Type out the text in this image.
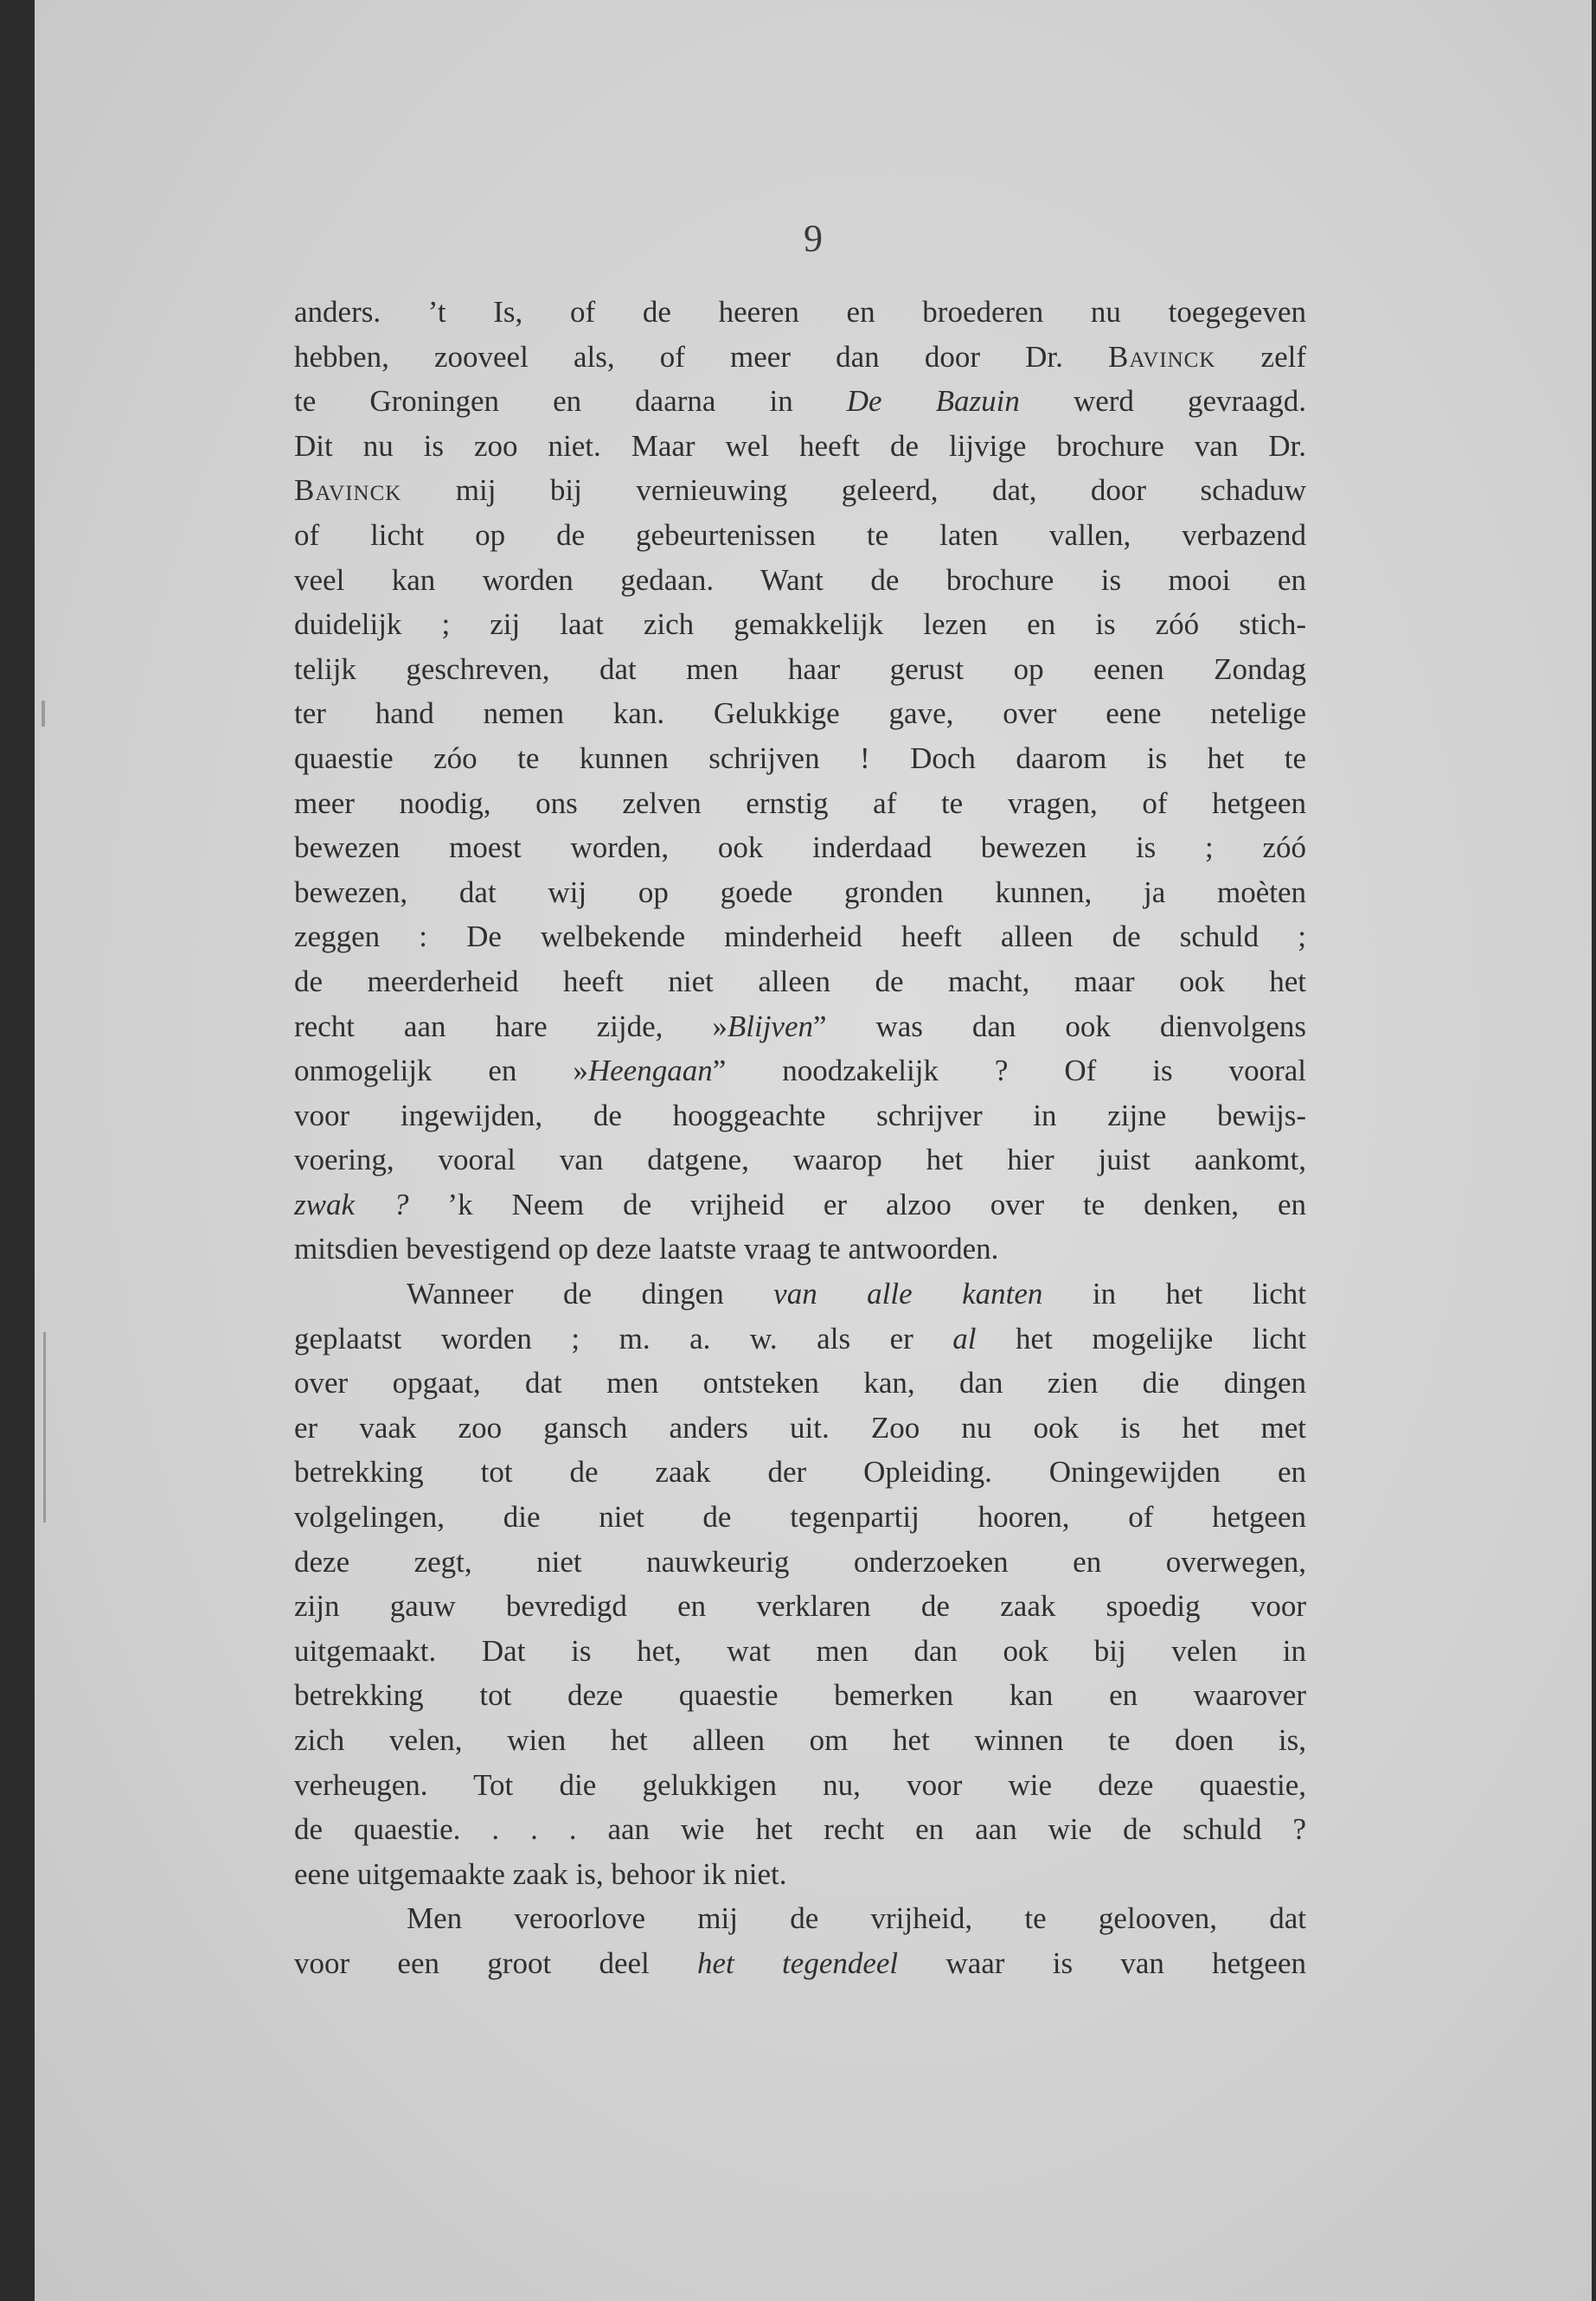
9
anders. ’t Is, of de heeren en broederen nu toegegeven
hebben, zooveel als, of meer dan door Dr. Bavinck zelf
te Groningen en daarna in De Bazuin werd gevraagd.
Dit nu is zoo niet. Maar wel heeft de lijvige brochure van Dr.
Bavinck mij bij vernieuwing geleerd, dat, door schaduw
of licht op de gebeurtenissen te laten vallen, verbazend
veel kan worden gedaan. Want de brochure is mooi en
duidelijk ; zij laat zich gemakkelijk lezen en is zóó stich-
telijk geschreven, dat men haar gerust op eenen Zondag
ter hand nemen kan. Gelukkige gave, over eene netelige
quaestie zóo te kunnen schrijven ! Doch daarom is het te
meer noodig, ons zelven ernstig af te vragen, of hetgeen
bewezen moest worden, ook inderdaad bewezen is ; zóó
bewezen, dat wij op goede gronden kunnen, ja moèten
zeggen : De welbekende minderheid heeft alleen de schuld ;
de meerderheid heeft niet alleen de macht, maar ook het
recht aan hare zijde, »Blijven” was dan ook dienvolgens
onmogelijk en »Heengaan” noodzakelijk ? Of is vooral
voor ingewijden, de hooggeachte schrijver in zijne bewijs-
voering, vooral van datgene, waarop het hier juist aankomt,
zwak ? ’k Neem de vrijheid er alzoo over te denken, en
mitsdien bevestigend op deze laatste vraag te antwoorden.
Wanneer de dingen van alle kanten in het licht
geplaatst worden ; m. a. w. als er al het mogelijke licht
over opgaat, dat men ontsteken kan, dan zien die dingen
er vaak zoo gansch anders uit. Zoo nu ook is het met
betrekking tot de zaak der Opleiding. Oningewijden en
volgelingen, die niet de tegenpartij hooren, of hetgeen
deze zegt, niet nauwkeurig onderzoeken en overwegen,
zijn gauw bevredigd en verklaren de zaak spoedig voor
uitgemaakt. Dat is het, wat men dan ook bij velen in
betrekking tot deze quaestie bemerken kan en waarover
zich velen, wien het alleen om het winnen te doen is,
verheugen. Tot die gelukkigen nu, voor wie deze quaestie,
de quaestie. . . . aan wie het recht en aan wie de schuld ?
eene uitgemaakte zaak is, behoor ik niet.
Men veroorlove mij de vrijheid, te gelooven, dat
voor een groot deel het tegendeel waar is van hetgeen
